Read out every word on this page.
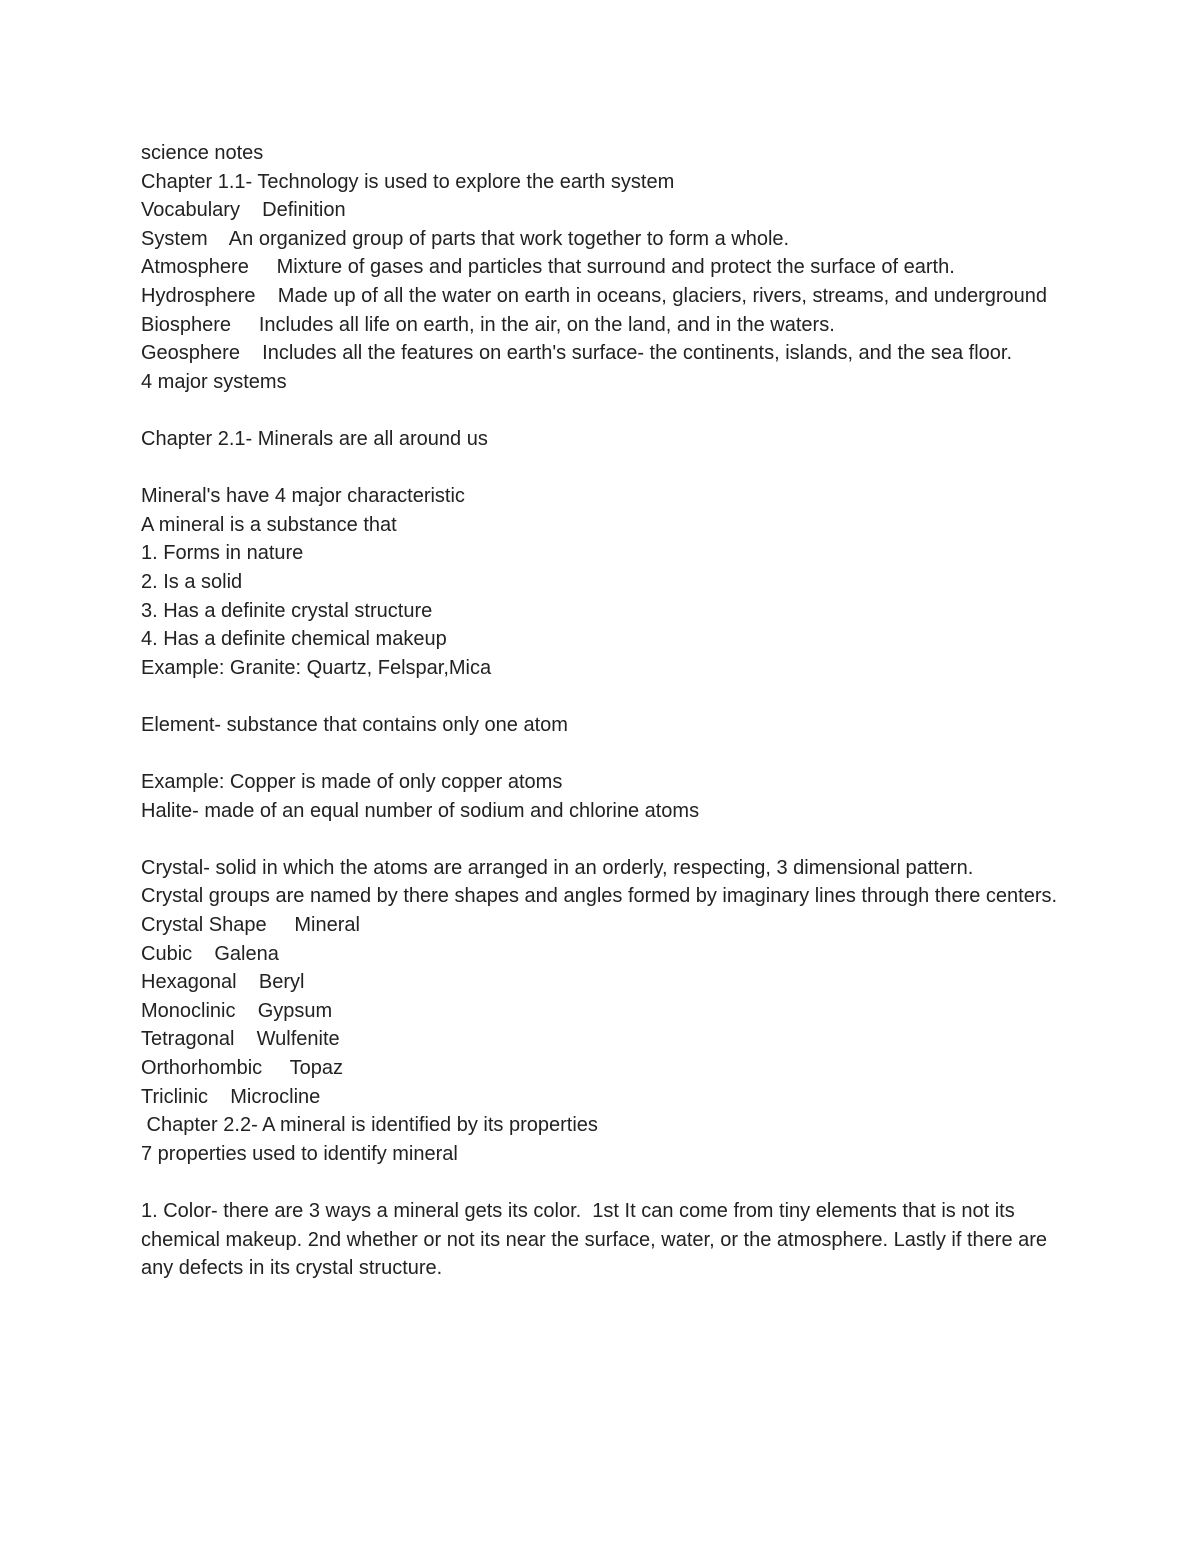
science notes
Chapter 1.1- Technology is used to explore the earth system
Vocabulary    Definition
System    An organized group of parts that work together to form a whole.
Atmosphere     Mixture of gases and particles that surround and protect the surface of earth.
Hydrosphere    Made up of all the water on earth in oceans, glaciers, rivers, streams, and underground
Biosphere     Includes all life on earth, in the air, on the land, and in the waters.
Geosphere    Includes all the features on earth's surface- the continents, islands, and the sea floor.
4 major systems
Chapter 2.1- Minerals are all around us
Mineral's have 4 major characteristic
A mineral is a substance that
1. Forms in nature
2. Is a solid
3. Has a definite crystal structure
4. Has a definite chemical makeup
Example: Granite: Quartz, Felspar,Mica
Element- substance that contains only one atom
Example: Copper is made of only copper atoms
Halite- made of an equal number of sodium and chlorine atoms
Crystal- solid in which the atoms are arranged in an orderly, respecting, 3 dimensional pattern.
Crystal groups are named by there shapes and angles formed by imaginary lines through there centers.
Crystal Shape     Mineral
Cubic    Galena
Hexagonal    Beryl
Monoclinic    Gypsum
Tetragonal    Wulfenite
Orthorhombic     Topaz
Triclinic    Microcline
Chapter 2.2- A mineral is identified by its properties
7 properties used to identify mineral
1. Color- there are 3 ways a mineral gets its color.  1st It can come from tiny elements that is not its chemical makeup. 2nd whether or not its near the surface, water, or the atmosphere. Lastly if there are any defects in its crystal structure.
